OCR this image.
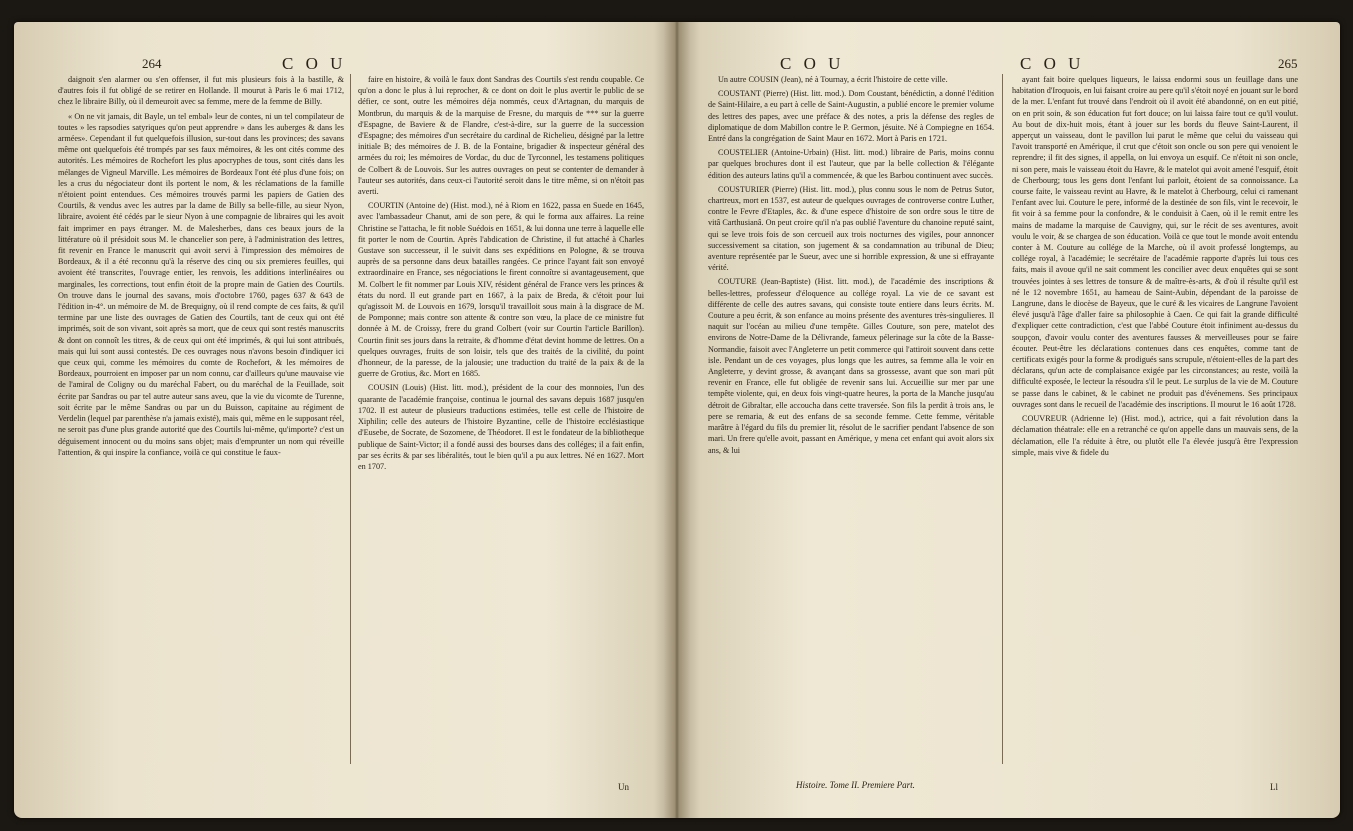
264	C O U

daignoit s'en alarmer ou s'en offenser, il fut mis plusieurs fois à la bastille, & d'autres fois il fut obligé de se retirer en Hollande. Il mourut à Paris le 6 mai 1712, chez le libraire Billy, où il demeuroit avec sa femme, mere de la femme de Billy.

« On ne vit jamais, dit Bayle, un tel embal» leur de contes, ni un tel compilateur de toutes » les rapsodies satyriques qu'on peut apprendre » dans les auberges & dans les armées». Cependant il fut quelquefois illusion, sur-tout dans les provinces; des savans même ont quelquefois été trompés par ses faux mémoires, & les ont cités comme des autorités. Les mémoires de Rochefort les plus apocryphes de tous, sont cités dans les mélanges de Vigneul Marville. Les mémoires de Bordeaux l'ont été plus d'une fois; on les a crus du négociateur dont ils portent le nom, & les réclamations de la famille n'étoient point entendues. Ces mémoires trouvés parmi les papiers de Gatien des Courtils, & vendus avec les autres par la dame de Billy sa belle-fille, au sieur Nyon, libraire, avoient été cédés par le sieur Nyon à une compagnie de libraires qui les avoit fait imprimer en pays étranger. M. de Malesherbes, dans ces beaux jours de la littérature où il présidoit sous M. le chancelier son pere, à l'administration des lettres, fit revenir en France le manuscrit qui avoit servi à l'impression des mémoires de Bordeaux, & il a été reconnu qu'à la réserve des cinq ou six premieres feuilles, qui avoient été transcrites, l'ouvrage entier, les renvois, les additions interlinéaires ou marginales, les corrections, tout enfin étoit de la propre main de Gatien des Courtils. On trouve dans le journal des savans, mois d'octobre 1760, pages 637 & 643 de l'édition in-4°. un mémoire de M. de Brequigny, où il rend compte de ces faits, & qu'il termine par une liste des ouvrages de Gatien des Courtils, tant de ceux qui ont été imprimés, soit de son vivant, soit après sa mort, que de ceux qui sont restés manuscrits & dont on connoît les titres, & de ceux qui ont été imprimés, & qui lui sont attribués, mais qui lui sont aussi contestés. De ces ouvrages nous n'avons besoin d'indiquer ici que ceux qui, comme les mémoires du comte de Rochefort, & les mémoires de Bordeaux, pourroient en imposer par un nom connu, car d'ailleurs qu'une mauvaise vie de l'amiral de Coligny ou du maréchal Fabert, ou du maréchal de la Feuillade, soit écrite par Sandras ou par tel autre auteur sans aveu, que la vie du vicomte de Turenne, soit écrite par le même Sandras ou par un du Buisson, capitaine au régiment de Verdelin (lequel par parenthèse n'a jamais existé), mais qui, même en le supposant réel, ne seroit pas d'une plus grande autorité que des Courtils lui-même, qu'importe? c'est un déguisement innocent ou du moins sans objet; mais d'emprunter un nom qui réveille l'attention, & qui inspire la confiance, voilà ce qui constitue le faux-

faire en histoire, & voilà le faux dont Sandras des Courtils s'est rendu coupable. Ce qu'on a donc le plus à lui reprocher, & ce dont on doit le plus avertir le public de se défier, ce sont, outre les mémoires déja nommés, ceux d'Artagnan, du marquis de Montbrun, du marquis & de la marquise de Fresne, du marquis de *** sur la guerre d'Espagne, de Baviere & de Flandre, c'est-à-dire, sur la guerre de la succession d'Espagne; des mémoires d'un secrétaire du cardinal de Richelieu, désigné par la lettre initiale B; des mémoires de J. B. de la Fontaine, brigadier & inspecteur général des armées du roi; les mémoires de Vordac, du duc de Tyrconnel, les testamens politiques de Colbert & de Louvois. Sur les autres ouvrages on peut se contenter de demander à l'auteur ses autorités, dans ceux-ci l'autorité seroit dans le titre même, si on n'étoit pas averti.

COURTIN (Antoine de) (Hist. mod.), né à Riom en 1622, passa en Suede en 1645, avec l'ambassadeur Chanut, ami de son pere, & qui le forma aux affaires. La reine Christine se l'attacha, le fit noble Suédois en 1651, & lui donna une terre à laquelle elle fit porter le nom de Courtin. Après l'abdication de Christine, il fut attaché à Charles Gustave son successeur, il le suivit dans ses expéditions en Pologne, & se trouva auprès de sa personne dans deux batailles rangées. Ce prince l'ayant fait son envoyé extraordinaire en France, ses négociations le firent connoître si avantageusement, que M. Colbert le fit nommer par Louis XIV, résident général de France vers les princes & états du nord. Il eut grande part en 1667, à la paix de Breda, & c'étoit pour lui qu'agissoit M. de Louvois en 1679, lorsqu'il travailloit sous main à la disgrace de M. de Pomponne; mais contre son attente & contre son vœu, la place de ce ministre fut donnée à M. de Croissy, frere du grand Colbert (voir sur Courtin l'article Barillon). Courtin finit ses jours dans la retraite, & d'homme d'état devint homme de lettres. On a quelques ouvrages, fruits de son loisir, tels que des traités de la civilité, du point d'honneur, de la paresse, de la jalousie; une traduction du traité de la paix & de la guerre de Grotius, &c. Mort en 1685.

COUSIN (Louis) (Hist. litt. mod.), président de la cour des monnoies, l'un des quarante de l'académie françoise, continua le journal des savans depuis 1687 jusqu'en 1702. Il est auteur de plusieurs traductions estimées, telle est celle de l'histoire de Xiphilin; celle des auteurs de l'histoire Byzantine, celle de l'histoire ecclésiastique d'Eusebe, de Socrate, de Sozomene, de Théodoret. Il est le fondateur de la bibliotheque publique de Saint-Victor; il a fondé aussi des bourses dans des colléges; il a fait enfin, par ses écrits & par ses libéralités, tout le bien qu'il a pu aux lettres. Né en 1627. Mort en 1707.

Un
C O U	C O U	265

Un autre COUSIN (Jean), né à Tournay, a écrit l'histoire de cette ville.

COUSTANT (Pierre) (Hist. litt. mod.). Dom Coustant, bénédictin, a donné l'édition de Saint-Hilaire, a eu part à celle de Saint-Augustin, a publié encore le premier volume des lettres des papes, avec une préface & des notes, a pris la défense des regles de diplomatique de dom Mabillon contre le P. Germon, jésuite. Né à Compiegne en 1654. Entré dans la congrégation de Saint Maur en 1672. Mort à Paris en 1721.

COUSTELIER (Antoine-Urbain) (Hist. litt. mod.) libraire de Paris, moins connu par quelques brochures dont il est l'auteur, que par la belle collection & l'élégante édition des auteurs latins qu'il a commencée, & que les Barbou continuent avec succès.

COUSTURIER (Pierre) (Hist. litt. mod.), plus connu sous le nom de Petrus Sutor, chartreux, mort en 1537, est auteur de quelques ouvrages de controverse contre Luther, contre le Fevre d'Etaples, &c. & d'une espece d'histoire de son ordre sous le titre de vitâ Carthusianâ. On peut croire qu'il n'a pas oublié l'aventure du chanoine reputé saint, qui se leve trois fois de son cercueil aux trois nocturnes des vigiles, pour annoncer successivement sa citation, son jugement & sa condamnation au tribunal de Dieu; aventure représentée par le Sueur, avec une si horrible expression, & une si effrayante vérité.

COUTURE (Jean-Baptiste) (Hist. litt. mod.), de l'académie des inscriptions & belles-lettres, professeur d'éloquence au collége royal. La vie de ce savant est différente de celle des autres savans, qui consiste toute entiere dans leurs écrits. M. Couture a peu écrit, & son enfance au moins présente des aventures très-singulieres. Il naquit sur l'océan au milieu d'une tempête. Gilles Couture, son pere, matelot des environs de Notre-Dame de la Délivrande, fameux pélerinage sur la côte de la Basse-Normandie, faisoit avec l'Angleterre un petit commerce qui l'attiroit souvent dans cette isle. Pendant un de ces voyages, plus longs que les autres, sa femme alla le voir en Angleterre, y devint grosse, & avançant dans sa grossesse, avant que son mari pût revenir en France, elle fut obligée de revenir sans lui. Accueillie sur mer par une tempête violente, qui, en deux fois vingt-quatre heures, la porta de la Manche jusqu'au détroit de Gibraltar, elle accoucha dans cette traversée. Son fils la perdit à trois ans, le pere se remaria, & eut des enfans de sa seconde femme. Cette femme, véritable marâtre à l'égard du fils du premier lit, résolut de le sacrifier pendant l'absence de son mari. Un frere qu'elle avoit, passant en Amérique, y mena cet enfant qui avoit alors six ans, & lui

ayant fait boire quelques liqueurs, le laissa endormi sous un feuillage dans une habitation d'Iroquois, en lui faisant croire au pere qu'il s'étoit noyé en jouant sur le bord de la mer. L'enfant fut trouvé dans l'endroit où il avoit été abandonné, on en eut pitié, on en prit soin, & son éducation fut fort douce; on lui laissa faire tout ce qu'il voulut. Au bout de dix-huit mois, étant à jouer sur les bords du fleuve Saint-Laurent, il apperçut un vaisseau, dont le pavillon lui parut le même que celui du vaisseau qui l'avoit transporté en Amérique, il crut que c'étoit son oncle ou son pere qui venoient le reprendre; il fit des signes, il appella, on lui envoya un esquif. Ce n'étoit ni son oncle, ni son pere, mais le vaisseau étoit du Havre, & le matelot qui avoit amené l'esquif, étoit de Cherbourg; tous les gens dont l'enfant lui parloit, étoient de sa connoissance. La course faite, le vaisseau revint au Havre, & le matelot à Cherbourg, celui ci ramenant l'enfant avec lui. Couture le pere, informé de la destinée de son fils, vint le recevoir, le fit voir à sa femme pour la confondre, & le conduisit à Caen, où il le remit entre les mains de madame la marquise de Cauvigny, qui, sur le récit de ses aventures, avoit voulu le voir, & se chargea de son éducation. Voilà ce que tout le monde avoit entendu conter à M. Couture au collége de la Marche, où il avoit professé longtemps, au collége royal, à l'académie; le secrétaire de l'académie rapporte d'après lui tous ces faits, mais il avoue qu'il ne sait comment les concilier avec deux enquêtes qui se sont trouvées jointes à ses lettres de tonsure & de maître-ès-arts, & d'où il résulte qu'il est né le 12 novembre 1651, au hameau de Saint-Aubin, dépendant de la paroisse de Langrune, dans le diocèse de Bayeux, que le curé & les vicaires de Langrune l'avoient élevé jusqu'à l'âge d'aller faire sa philosophie à Caen. Ce qui fait la grande difficulté d'expliquer cette contradiction, c'est que l'abbé Couture étoit infiniment au-dessus du soupçon, d'avoir voulu conter des aventures fausses & merveilleuses pour se faire écouter. Peut-être les déclarations contenues dans ces enquêtes, comme tant de certificats exigés pour la forme & prodigués sans scrupule, n'étoient-elles de la part des déclarans, qu'un acte de complaisance exigée par les circonstances; au reste, voilà la difficulté exposée, le lecteur la résoudra s'il le peut. Le surplus de la vie de M. Couture se passe dans le cabinet, & le cabinet ne produit pas d'événemens. Ses principaux ouvrages sont dans le recueil de l'académie des inscriptions. Il mourut le 16 août 1728.

COUVREUR (Adrienne le) (Hist. mod.), actrice, qui a fait révolution dans la déclamation théatrale: elle en a retranché ce qu'on appelle dans un mauvais sens, de la déclamation, elle l'a réduite à être, ou plutôt elle l'a élevée jusqu'à être l'expression simple, mais vive & fidele du

Histoire. Tome II. Premiere Part.	Ll
